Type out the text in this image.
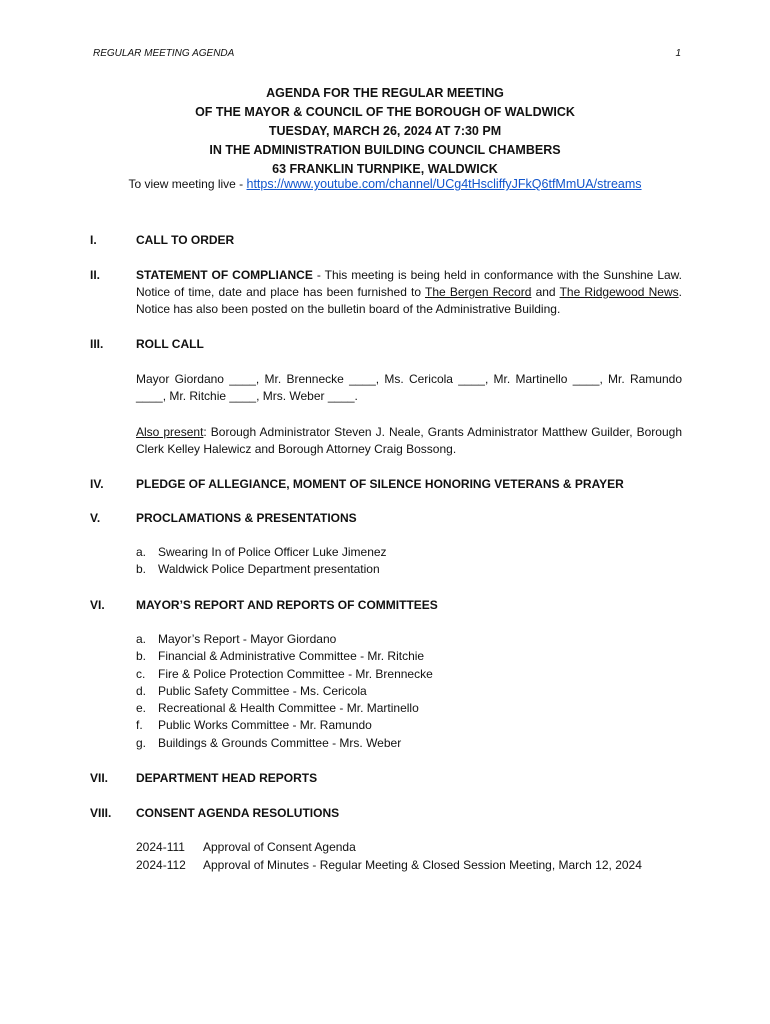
REGULAR MEETING AGENDA	1
AGENDA FOR THE REGULAR MEETING
OF THE MAYOR & COUNCIL OF THE BOROUGH OF WALDWICK
TUESDAY, MARCH 26, 2024 AT 7:30 PM
IN THE ADMINISTRATION BUILDING COUNCIL CHAMBERS
63 FRANKLIN TURNPIKE, WALDWICK
To view meeting live - https://www.youtube.com/channel/UCg4tHscliffyJFkQ6tfMmUA/streams
I.	CALL TO ORDER
II.	STATEMENT OF COMPLIANCE - This meeting is being held in conformance with the Sunshine Law. Notice of time, date and place has been furnished to The Bergen Record and The Ridgewood News. Notice has also been posted on the bulletin board of the Administrative Building.
III.	ROLL CALL
Mayor Giordano ____, Mr. Brennecke ____, Ms. Cericola ____, Mr. Martinello ____, Mr. Ramundo ____, Mr. Ritchie ____, Mrs. Weber ____.
Also present: Borough Administrator Steven J. Neale, Grants Administrator Matthew Guilder, Borough Clerk Kelley Halewicz and Borough Attorney Craig Bossong.
IV.	PLEDGE OF ALLEGIANCE, MOMENT OF SILENCE HONORING VETERANS & PRAYER
V.	PROCLAMATIONS & PRESENTATIONS
a. Swearing In of Police Officer Luke Jimenez
b. Waldwick Police Department presentation
VI.	MAYOR’S REPORT AND REPORTS OF COMMITTEES
a. Mayor’s Report - Mayor Giordano
b. Financial & Administrative Committee - Mr. Ritchie
c.	Fire & Police Protection Committee - Mr. Brennecke
d. Public Safety Committee - Ms. Cericola
e. Recreational & Health Committee - Mr. Martinello
f.	Public Works Committee - Mr. Ramundo
g. Buildings & Grounds Committee - Mrs. Weber
VII. DEPARTMENT HEAD REPORTS
VIII. CONSENT AGENDA RESOLUTIONS
2024-111	Approval of Consent Agenda
2024-112	Approval of Minutes - Regular Meeting & Closed Session Meeting, March 12, 2024
